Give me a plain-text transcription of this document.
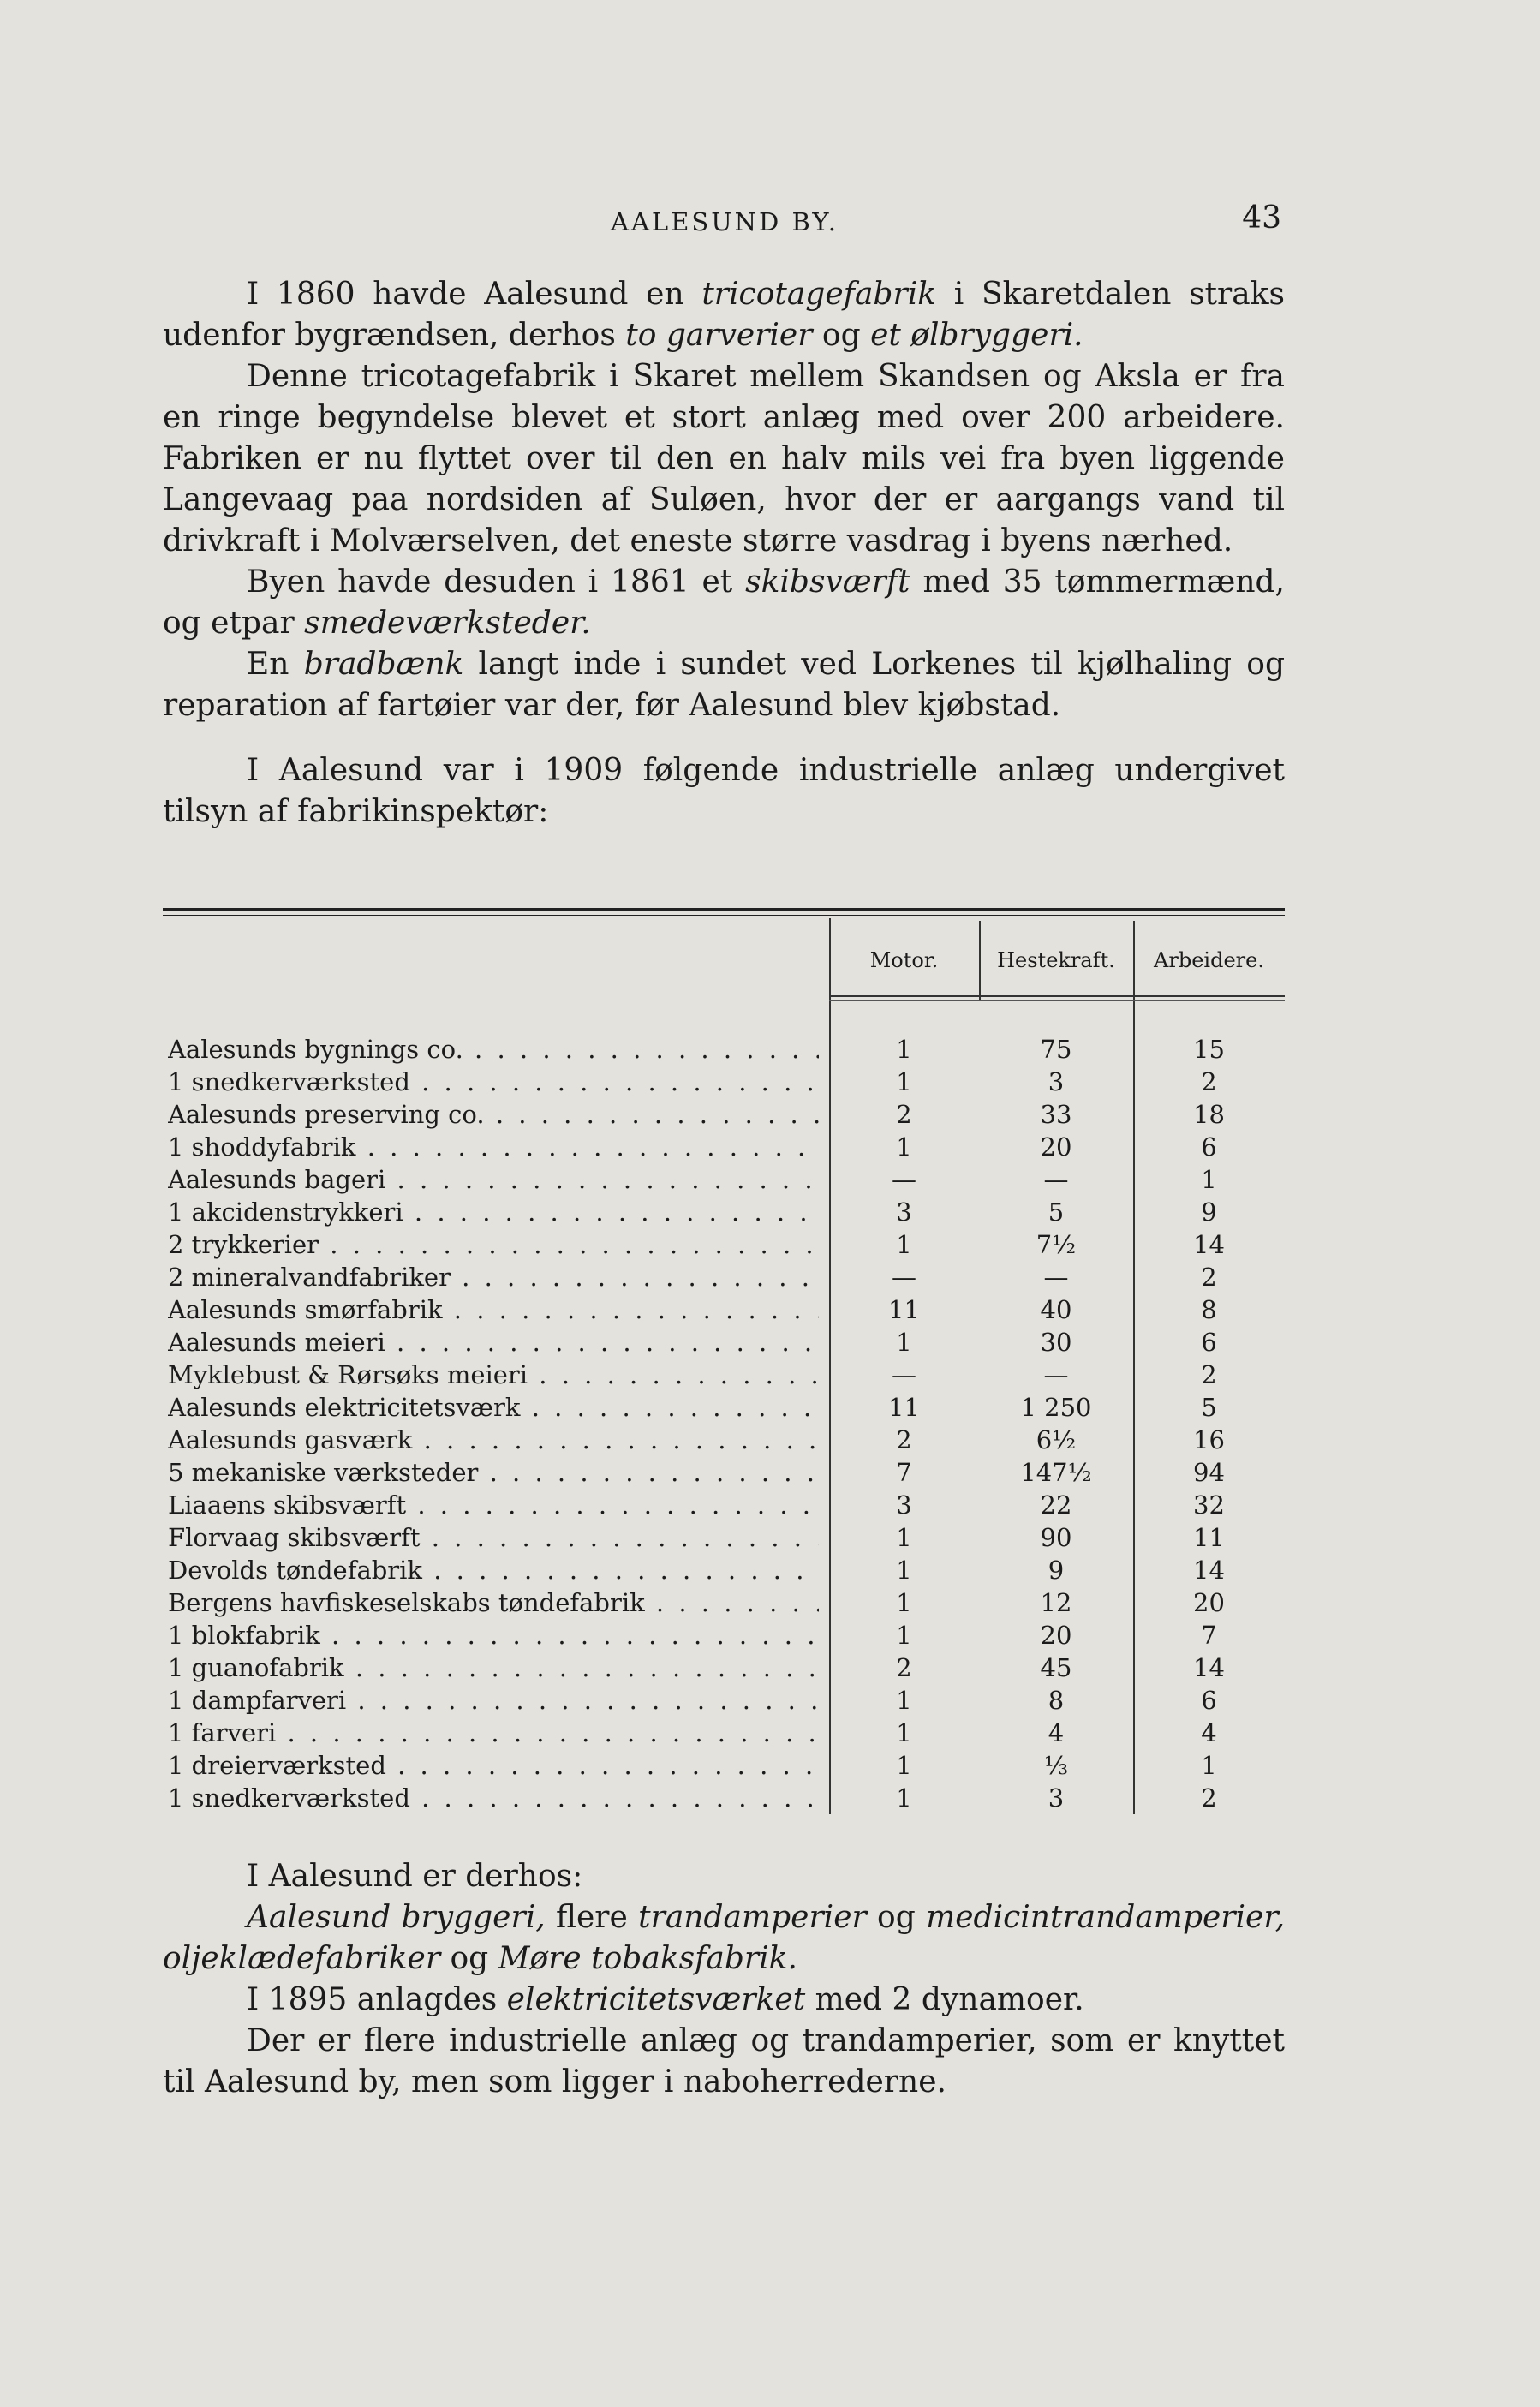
AALESUND BY.	43

I 1860 havde Aalesund en tricotagefabrik i Skaretdalen straks udenfor bygrændsen, derhos to garverier og et ølbryggeri.

Denne tricotagefabrik i Skaret mellem Skandsen og Aksla er fra en ringe begyndelse blevet et stort anlæg med over 200 arbeidere. Fabriken er nu flyttet over til den en halv mils vei fra byen liggende Langevaag paa nordsiden af Suløen, hvor der er aargangs vand til drivkraft i Molværselven, det eneste større vasdrag i byens nærhed.

Byen havde desuden i 1861 et skibsværft med 35 tømmermænd, og etpar smedeværksteder.

En bradbænk langt inde i sundet ved Lorkenes til kjølhaling og reparation af fartøier var der, før Aalesund blev kjøbstad.

I Aalesund var i 1909 følgende industrielle anlæg undergivet tilsyn af fabrikinspektør:

Motor.	Hestekraft.	Arbeidere.
Aalesunds bygnings co. . . .	1	75	15
1 snedkerværksted . . .	1	3	2
Aalesunds preserving co. . . .	2	33	18
1 shoddyfabrik . . .	1	20	6
Aalesunds bageri . . .	—	—	1
1 akcidenstrykkeri . . .	3	5	9
2 trykkerier . . .	1	7½	14
2 mineralvandfabriker . . .	—	—	2
Aalesunds smørfabrik . . .	11	40	8
Aalesunds meieri . . .	1	30	6
Myklebust & Rørsøks meieri . . .	—	—	2
Aalesunds elektricitetsværk . . .	11	1 250	5
Aalesunds gasværk . . .	2	6½	16
5 mekaniske værksteder . . .	7	147½	94
Liaaens skibsværft . . .	3	22	32
Florvaag skibsværft . . .	1	90	11
Devolds tøndefabrik . . .	1	9	14
Bergens havfiskeselskabs tøndefabrik . . .	1	12	20
1 blokfabrik . . .	1	20	7
1 guanofabrik . . .	2	45	14
1 dampfarveri . . .	1	8	6
1 farveri . . .	1	4	4
1 dreierværksted . . .	1	⅓	1
1 snedkerværksted . . .	1	3	2

I Aalesund er derhos:

Aalesund bryggeri, flere trandamperier og medicintrandamperier, oljeklædefabriker og Møre tobaksfabrik.

I 1895 anlagdes elektricitetsværket med 2 dynamoer.

Der er flere industrielle anlæg og trandamperier, som er knyttet til Aalesund by, men som ligger i naboherrederne.
